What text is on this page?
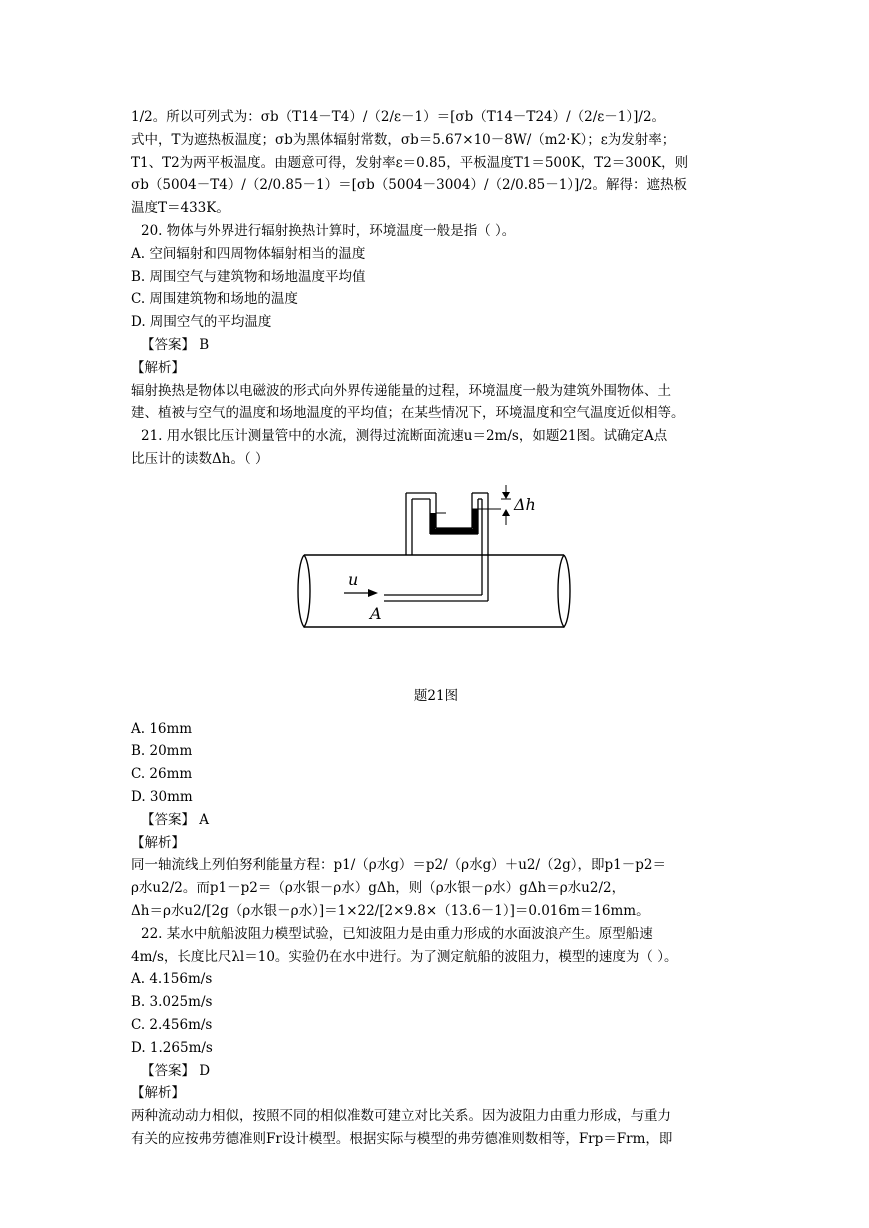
1/2。所以可列式为：σb（T14－T4）/（2/ε－1）＝[σb（T14－T24）/（2/ε－1）]/2。
式中，T为遮热板温度；σb为黑体辐射常数，σb＝5.67×10－8W/（m2·K）；ε为发射率；
T1、T2为两平板温度。由题意可得，发射率ε＝0.85，平板温度T1＝500K，T2＝300K，则
σb（5004－T4）/（2/0.85－1）＝[σb（5004－3004）/（2/0.85－1）]/2。解得：遮热板
温度T＝433K。
20. 物体与外界进行辐射换热计算时，环境温度一般是指（ ）。
A. 空间辐射和四周物体辐射相当的温度
B. 周围空气与建筑物和场地温度平均值
C. 周围建筑物和场地的温度
D. 周围空气的平均温度
【答案】 B
【解析】
辐射换热是物体以电磁波的形式向外界传递能量的过程，环境温度一般为建筑外围物体、土
建、植被与空气的温度和场地温度的平均值；在某些情况下，环境温度和空气温度近似相等。
21. 用水银比压计测量管中的水流，测得过流断面流速u＝2m/s，如题21图。试确定A点
比压计的读数Δh。（ ）
u
A
Δh
题21图
A. 16mm
B. 20mm
C. 26mm
D. 30mm
【答案】 A
【解析】
同一轴流线上列伯努利能量方程：p1/（ρ水g）＝p2/（ρ水g）＋u2/（2g），即p1－p2＝
ρ水u2/2。而p1－p2＝（ρ水银－ρ水）gΔh，则（ρ水银－ρ水）gΔh＝ρ水u2/2，
Δh＝ρ水u2/[2g（ρ水银－ρ水）]＝1×22/[2×9.8×（13.6－1）]＝0.016m＝16mm。
22. 某水中航船波阻力模型试验，已知波阻力是由重力形成的水面波浪产生。原型船速
4m/s，长度比尺λl＝10。实验仍在水中进行。为了测定航船的波阻力，模型的速度为（ ）。
A. 4.156m/s
B. 3.025m/s
C. 2.456m/s
D. 1.265m/s
【答案】 D
【解析】
两种流动动力相似，按照不同的相似准数可建立对比关系。因为波阻力由重力形成，与重力
有关的应按弗劳德准则Fr设计模型。根据实际与模型的弗劳德准则数相等，Frp＝Frm，即
